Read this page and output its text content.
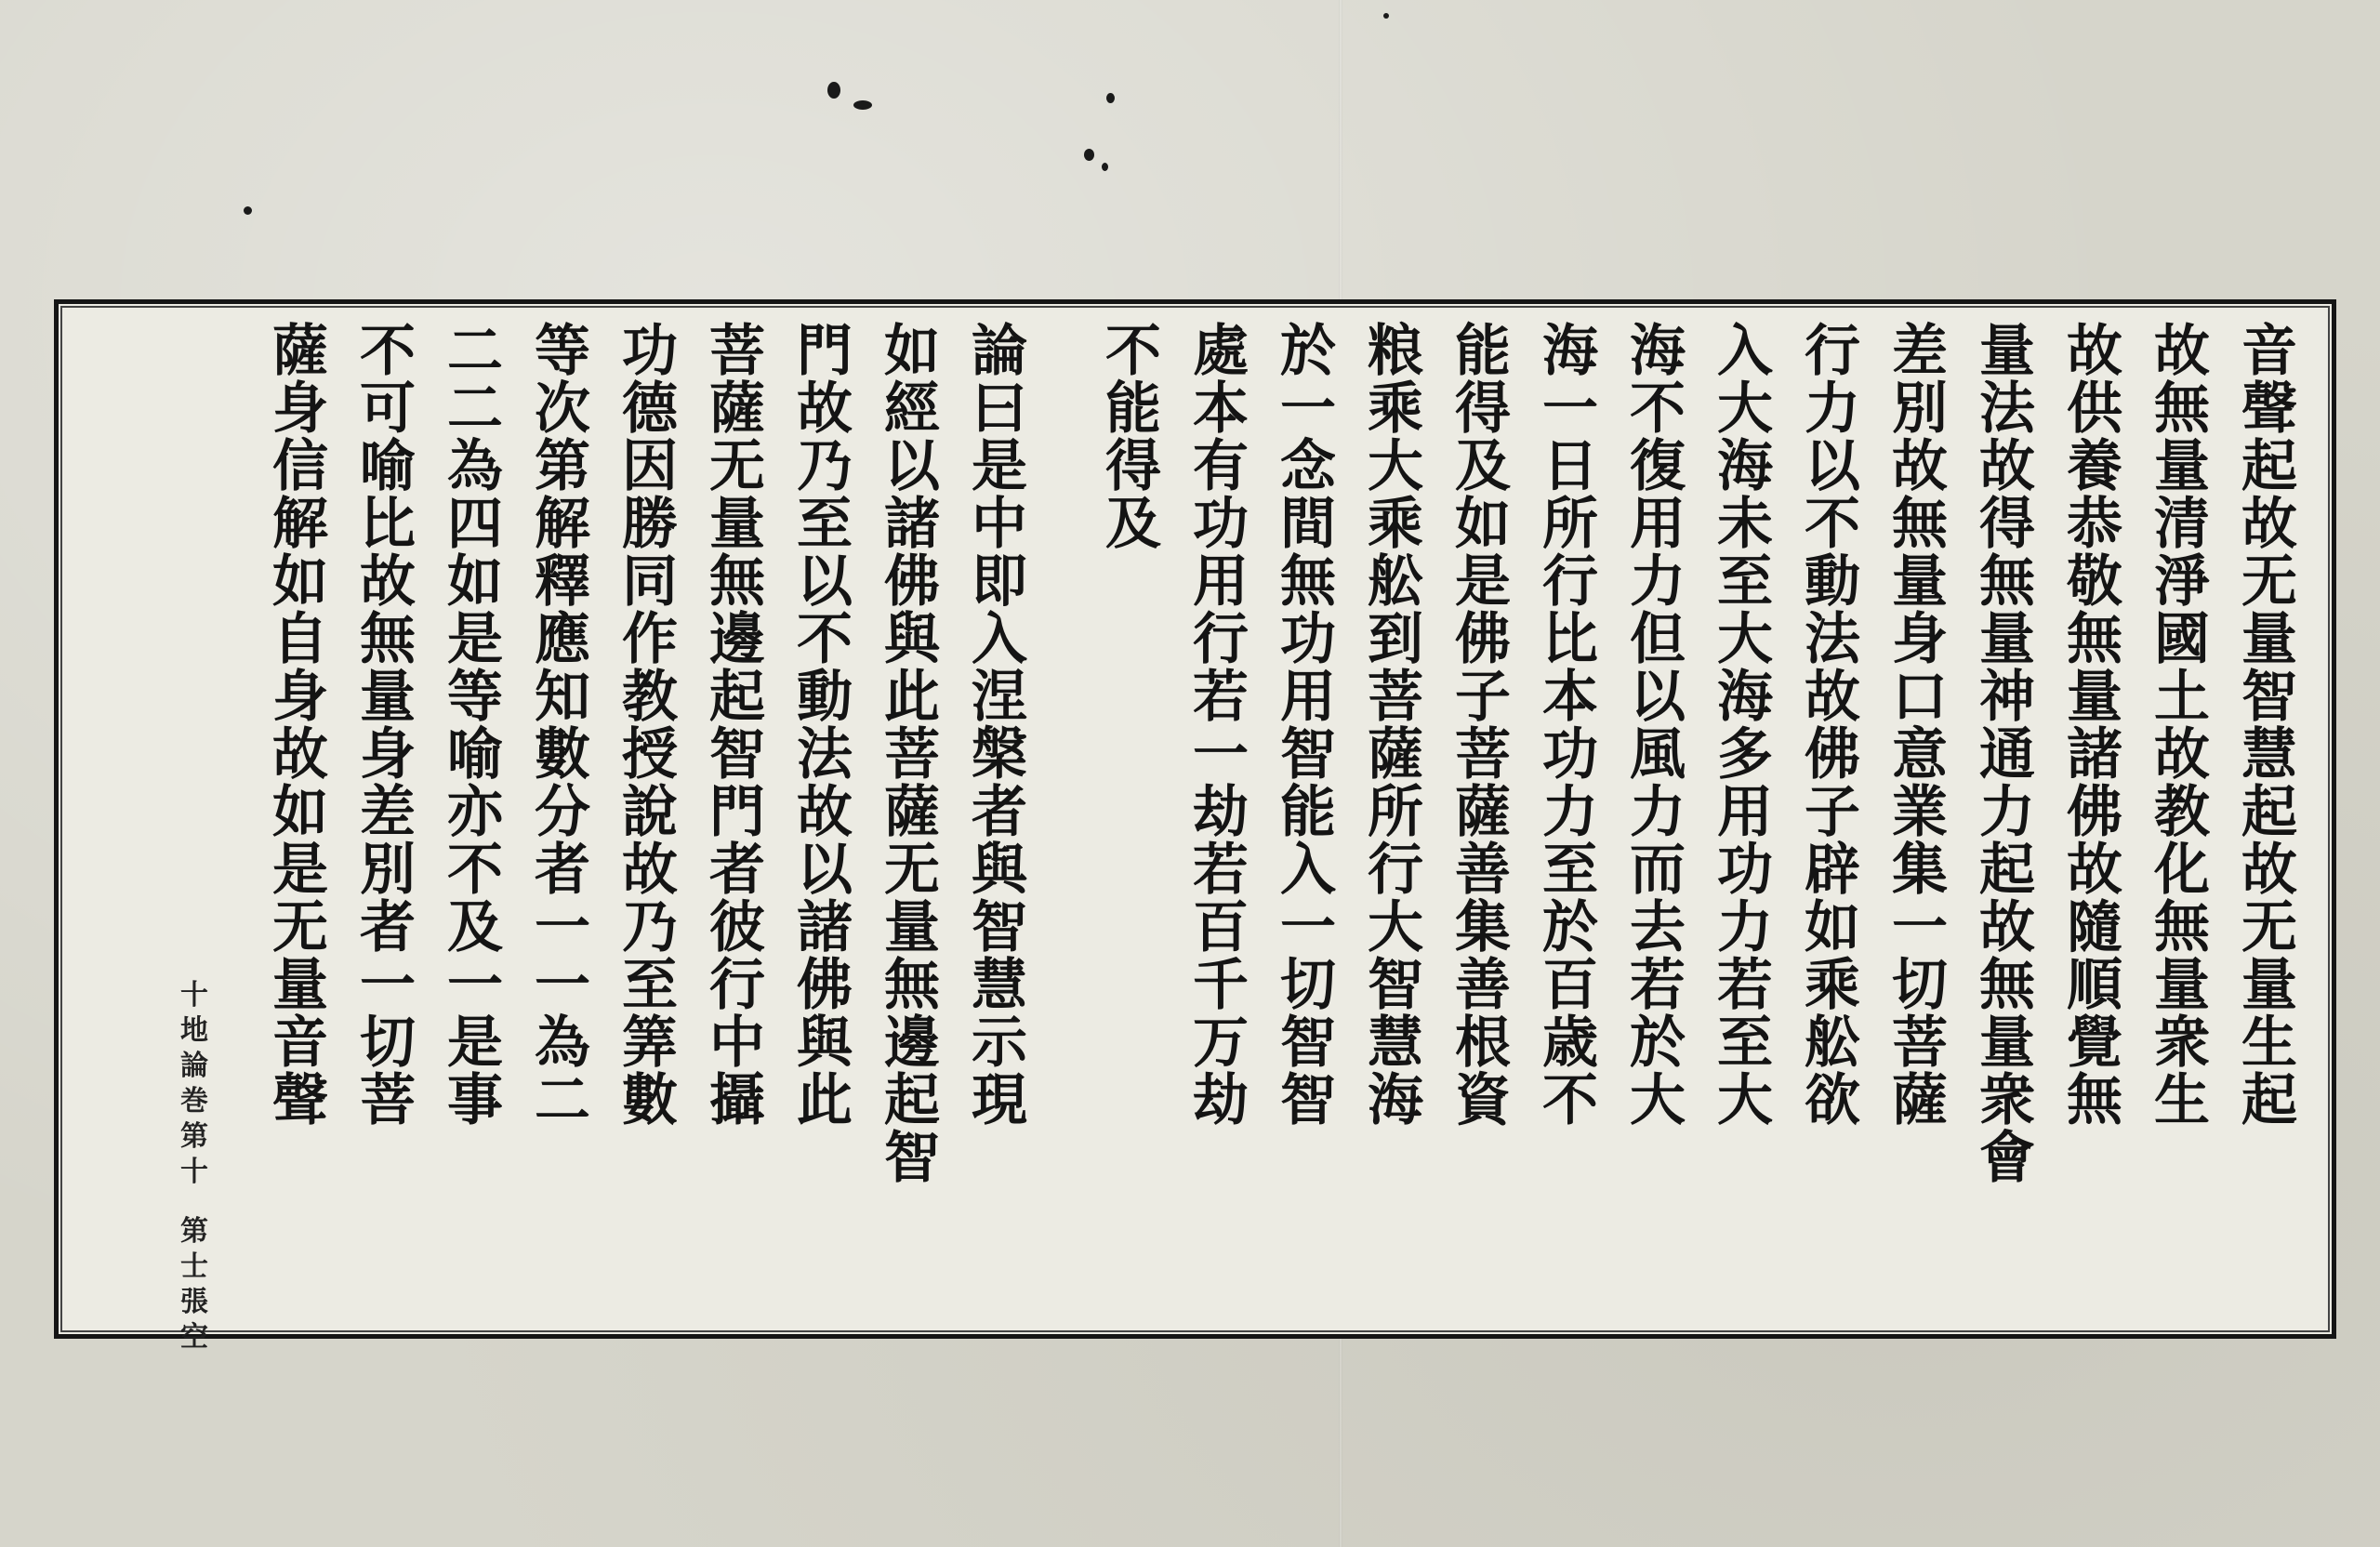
音
聲
起
故
无
量
智
慧
起
故
无
量
生
起
故
無
量
清
淨
國
土
故
教
化
無
量
衆
生
故
供
養
恭
敬
無
量
諸
佛
故
隨
順
覺
無
量
法
故
得
無
量
神
通
力
起
故
無
量
衆
會
差
別
故
無
量
身
口
意
業
集
一
切
菩
薩
行
力
以
不
動
法
故
佛
子
辟
如
乘
舩
欲
入
大
海
未
至
大
海
多
用
功
力
若
至
大
海
不
復
用
力
但
以
風
力
而
去
若
於
大
海
一
日
所
行
比
本
功
力
至
於
百
歳
不
能
得
及
如
是
佛
子
菩
薩
善
集
善
根
資
粮
乘
大
乘
舩
到
菩
薩
所
行
大
智
慧
海
於
一
念
間
無
功
用
智
能
入
一
切
智
智
處
本
有
功
用
行
若
一
劫
若
百
千
万
劫
不
能
得
及
論
曰
是
中
即
入
涅
槃
者
與
智
慧
示
現
如
經
以
諸
佛
與
此
菩
薩
无
量
無
邊
起
智
門
故
乃
至
以
不
動
法
故
以
諸
佛
與
此
菩
薩
无
量
無
邊
起
智
門
者
彼
行
中
攝
功
德
因
勝
同
作
教
授
說
故
乃
至
筭
數
等
次
第
解
釋
應
知
數
分
者
一
一
為
二
二
二
為
四
如
是
等
喻
亦
不
及
一
是
事
不
可
喻
比
故
無
量
身
差
別
者
一
切
菩
薩
身
信
解
如
自
身
故
如
是
无
量
音
聲
十
地
論
巻
第
十
第
士
張
空
